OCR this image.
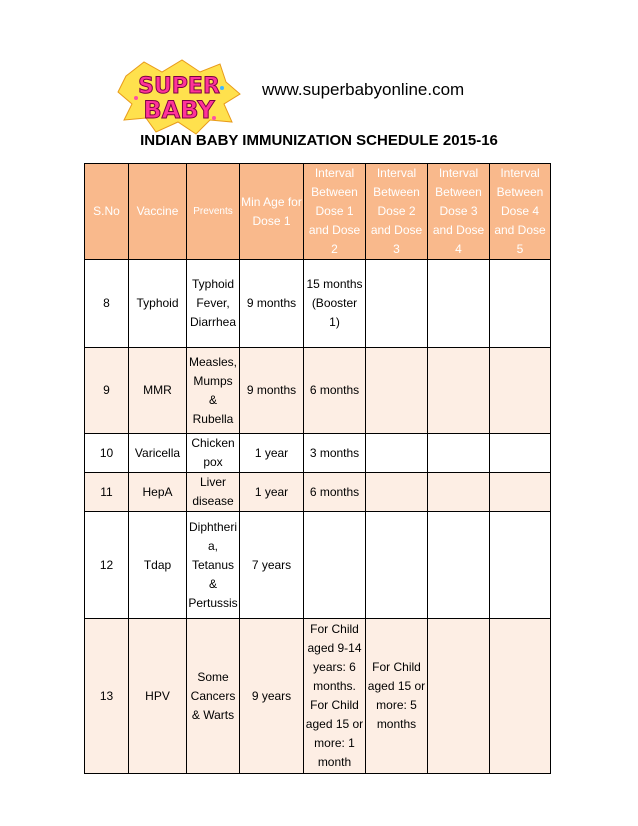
SUPER
BABY
www.superbabyonline.com
INDIAN BABY IMMUNIZATION SCHEDULE 2015-16
S.No	Vaccine	Prevents	Min Age for Dose 1	Interval Between Dose 1 and Dose 2	Interval Between Dose 2 and Dose 3	Interval Between Dose 3 and Dose 4	Interval Between Dose 4 and Dose 5
8	Typhoid	Typhoid Fever, Diarrhea	9 months	15 months (Booster 1)			
9	MMR	Measles, Mumps & Rubella	9 months	6 months			
10	Varicella	Chicken pox	1 year	3 months			
11	HepA	Liver disease	1 year	6 months			
12	Tdap	Diphtheria, Tetanus & Pertussis	7 years				
13	HPV	Some Cancers & Warts	9 years	For Child aged 9-14 years: 6 months. For Child aged 15 or more: 1 month	For Child aged 15 or more: 5 months		
